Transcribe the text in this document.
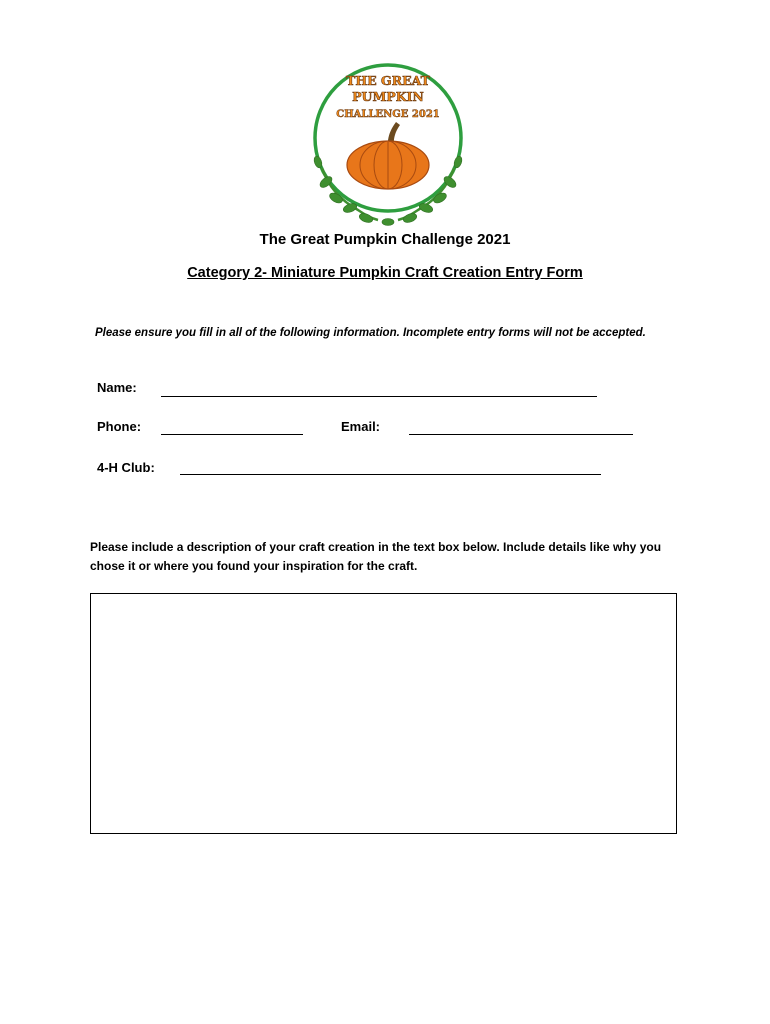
THE GREAT
PUMPKIN
CHALLENGE 2021
The Great Pumpkin Challenge 2021
Category 2- Miniature Pumpkin Craft Creation Entry Form
Please ensure you fill in all of the following information. Incomplete entry forms will not be accepted.
Name:
Phone:	Email:
4-H Club:
Please include a description of your craft creation in the text box below. Include details like why you
chose it or where you found your inspiration for the craft.
